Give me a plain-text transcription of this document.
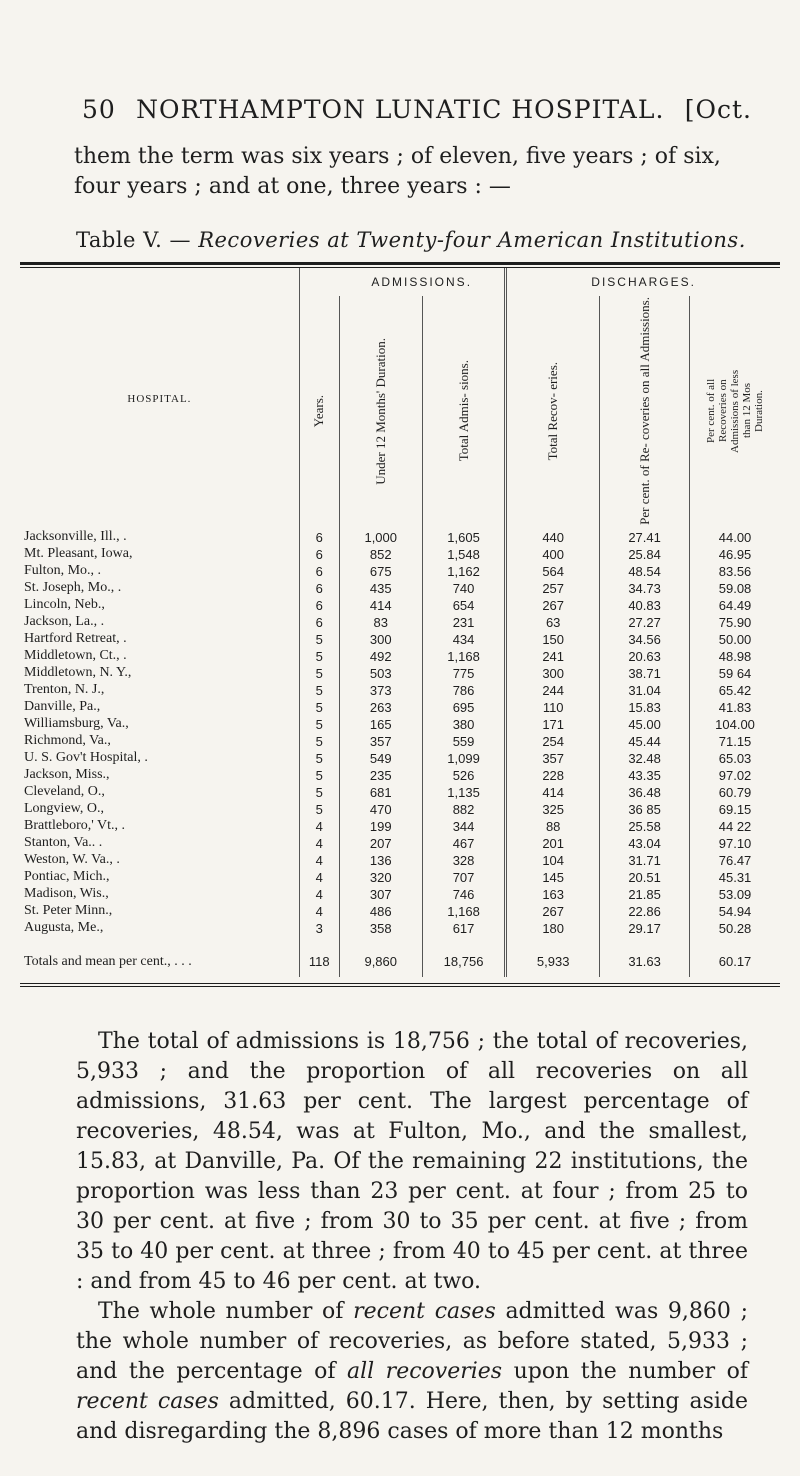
50 NORTHAMPTON LUNATIC HOSPITAL. [Oct.
them the term was six years ; of eleven, five years ; of six, four years ; and at one, three years : —
Table V. — Recoveries at Twenty-four American Institutions.
HOSPITAL.		ADMISSIONS.		DISCHARGES.		
	Years.	Under 12 Months' Duration.	Total Admis- sions.	Total Recov- eries.	Per cent. of Re- coveries on all Admissions.	Per cent. of all Recoveries on Admissions of less than 12 Mos Duration.
Jacksonville, Ill., .	6	1,000	1,605	440	27.41	44.00
Mt. Pleasant, Iowa,	6	852	1,548	400	25.84	46.95
Fulton, Mo., .	6	675	1,162	564	48.54	83.56
St. Joseph, Mo., .	6	435	740	257	34.73	59.08
Lincoln, Neb.,	6	414	654	267	40.83	64.49
Jackson, La., .	6	83	231	63	27.27	75.90
Hartford Retreat, .	5	300	434	150	34.56	50.00
Middletown, Ct., .	5	492	1,168	241	20.63	48.98
Middletown, N. Y.,	5	503	775	300	38.71	59 64
Trenton, N. J.,	5	373	786	244	31.04	65.42
Danville, Pa.,	5	263	695	110	15.83	41.83
Williamsburg, Va.,	5	165	380	171	45.00	104.00
Richmond, Va.,	5	357	559	254	45.44	71.15
U. S. Gov't Hospital, .	5	549	1,099	357	32.48	65.03
Jackson, Miss.,	5	235	526	228	43.35	97.02
Cleveland, O.,	5	681	1,135	414	36.48	60.79
Longview, O.,	5	470	882	325	36 85	69.15
Brattleboro,' Vt., .	4	199	344	88	25.58	44 22
Stanton, Va.. .	4	207	467	201	43.04	97.10
Weston, W. Va., .	4	136	328	104	31.71	76.47
Pontiac, Mich.,	4	320	707	145	20.51	45.31
Madison, Wis.,	4	307	746	163	21.85	53.09
St. Peter Minn.,	4	486	1,168	267	22.86	54.94
Augusta, Me.,	3	358	617	180	29.17	50.28

Totals and mean per cent., . . .	118	9,860	18,756	5,933	31.63	60.17

The total of admissions is 18,756 ; the total of recoveries, 5,933 ; and the proportion of all recoveries on all admissions, 31.63 per cent. The largest percentage of recoveries, 48.54, was at Fulton, Mo., and the smallest, 15.83, at Danville, Pa. Of the remaining 22 institutions, the proportion was less than 23 per cent. at four ; from 25 to 30 per cent. at five ; from 30 to 35 per cent. at five ; from 35 to 40 per cent. at three ; from 40 to 45 per cent. at three : and from 45 to 46 per cent. at two.

The whole number of recent cases admitted was 9,860 ; the whole number of recoveries, as before stated, 5,933 ; and the percentage of all recoveries upon the number of recent cases admitted, 60.17. Here, then, by setting aside and disregarding the 8,896 cases of more than 12 months
